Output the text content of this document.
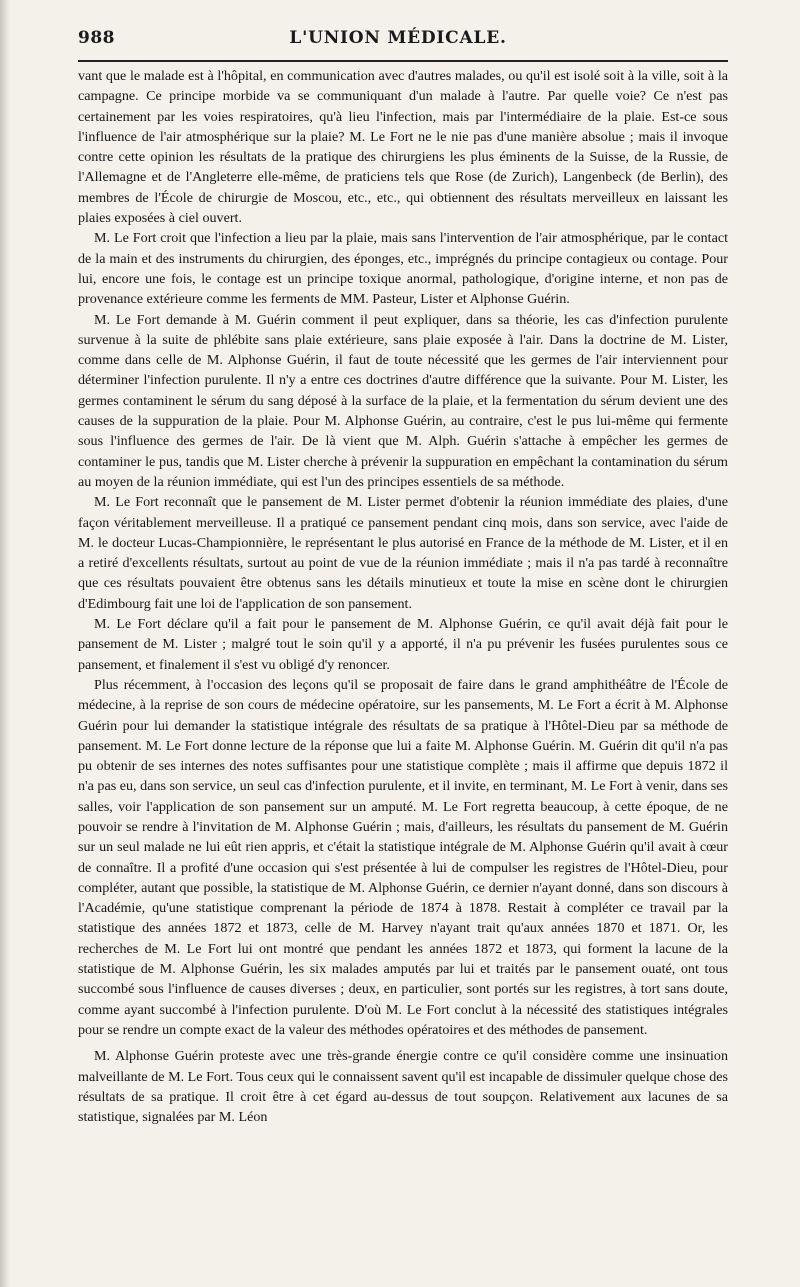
988	L'UNION MÉDICALE.

vant que le malade est à l'hôpital, en communication avec d'autres malades, ou qu'il est isolé soit à la ville, soit à la campagne. Ce principe morbide va se communiquant d'un malade à l'autre. Par quelle voie? Ce n'est pas certainement par les voies respiratoires, qu'à lieu l'infection, mais par l'intermédiaire de la plaie. Est-ce sous l'influence de l'air atmosphérique sur la plaie? M. Le Fort ne le nie pas d'une manière absolue ; mais il invoque contre cette opinion les résultats de la pratique des chirurgiens les plus éminents de la Suisse, de la Russie, de l'Allemagne et de l'Angleterre elle-même, de praticiens tels que Rose (de Zurich), Langenbeck (de Berlin), des membres de l'École de chirurgie de Moscou, etc., etc., qui obtiennent des résultats merveilleux en laissant les plaies exposées à ciel ouvert.

M. Le Fort croit que l'infection a lieu par la plaie, mais sans l'intervention de l'air atmosphérique, par le contact de la main et des instruments du chirurgien, des éponges, etc., imprégnés du principe contagieux ou contage. Pour lui, encore une fois, le contage est un principe toxique anormal, pathologique, d'origine interne, et non pas de provenance extérieure comme les ferments de MM. Pasteur, Lister et Alphonse Guérin.

M. Le Fort demande à M. Guérin comment il peut expliquer, dans sa théorie, les cas d'infection purulente survenue à la suite de phlébite sans plaie extérieure, sans plaie exposée à l'air. Dans la doctrine de M. Lister, comme dans celle de M. Alphonse Guérin, il faut de toute nécessité que les germes de l'air interviennent pour déterminer l'infection purulente. Il n'y a entre ces doctrines d'autre différence que la suivante. Pour M. Lister, les germes contaminent le sérum du sang déposé à la surface de la plaie, et la fermentation du sérum devient une des causes de la suppuration de la plaie. Pour M. Alphonse Guérin, au contraire, c'est le pus lui-même qui fermente sous l'influence des germes de l'air. De là vient que M. Alph. Guérin s'attache à empêcher les germes de contaminer le pus, tandis que M. Lister cherche à prévenir la suppuration en empêchant la contamination du sérum au moyen de la réunion immédiate, qui est l'un des principes essentiels de sa méthode.

M. Le Fort reconnaît que le pansement de M. Lister permet d'obtenir la réunion immédiate des plaies, d'une façon véritablement merveilleuse. Il a pratiqué ce pansement pendant cinq mois, dans son service, avec l'aide de M. le docteur Lucas-Championnière, le représentant le plus autorisé en France de la méthode de M. Lister, et il en a retiré d'excellents résultats, surtout au point de vue de la réunion immédiate ; mais il n'a pas tardé à reconnaître que ces résultats pouvaient être obtenus sans les détails minutieux et toute la mise en scène dont le chirurgien d'Edimbourg fait une loi de l'application de son pansement.

M. Le Fort déclare qu'il a fait pour le pansement de M. Alphonse Guérin, ce qu'il avait déjà fait pour le pansement de M. Lister ; malgré tout le soin qu'il y a apporté, il n'a pu prévenir les fusées purulentes sous ce pansement, et finalement il s'est vu obligé d'y renoncer.

Plus récemment, à l'occasion des leçons qu'il se proposait de faire dans le grand amphithéâtre de l'École de médecine, à la reprise de son cours de médecine opératoire, sur les pansements, M. Le Fort a écrit à M. Alphonse Guérin pour lui demander la statistique intégrale des résultats de sa pratique à l'Hôtel-Dieu par sa méthode de pansement. M. Le Fort donne lecture de la réponse que lui a faite M. Alphonse Guérin. M. Guérin dit qu'il n'a pas pu obtenir de ses internes des notes suffisantes pour une statistique complète ; mais il affirme que depuis 1872 il n'a pas eu, dans son service, un seul cas d'infection purulente, et il invite, en terminant, M. Le Fort à venir, dans ses salles, voir l'application de son pansement sur un amputé. M. Le Fort regretta beaucoup, à cette époque, de ne pouvoir se rendre à l'invitation de M. Alphonse Guérin ; mais, d'ailleurs, les résultats du pansement de M. Guérin sur un seul malade ne lui eût rien appris, et c'était la statistique intégrale de M. Alphonse Guérin qu'il avait à cœur de connaître. Il a profité d'une occasion qui s'est présentée à lui de compulser les registres de l'Hôtel-Dieu, pour compléter, autant que possible, la statistique de M. Alphonse Guérin, ce dernier n'ayant donné, dans son discours à l'Académie, qu'une statistique comprenant la période de 1874 à 1878. Restait à compléter ce travail par la statistique des années 1872 et 1873, celle de M. Harvey n'ayant trait qu'aux années 1870 et 1871. Or, les recherches de M. Le Fort lui ont montré que pendant les années 1872 et 1873, qui forment la lacune de la statistique de M. Alphonse Guérin, les six malades amputés par lui et traités par le pansement ouaté, ont tous succombé sous l'influence de causes diverses ; deux, en particulier, sont portés sur les registres, à tort sans doute, comme ayant succombé à l'infection purulente. D'où M. Le Fort conclut à la nécessité des statistiques intégrales pour se rendre un compte exact de la valeur des méthodes opératoires et des méthodes de pansement.

M. Alphonse Guérin proteste avec une très-grande énergie contre ce qu'il considère comme une insinuation malveillante de M. Le Fort. Tous ceux qui le connaissent savent qu'il est incapable de dissimuler quelque chose des résultats de sa pratique. Il croit être à cet égard au-dessus de tout soupçon. Relativement aux lacunes de sa statistique, signalées par M. Léon
